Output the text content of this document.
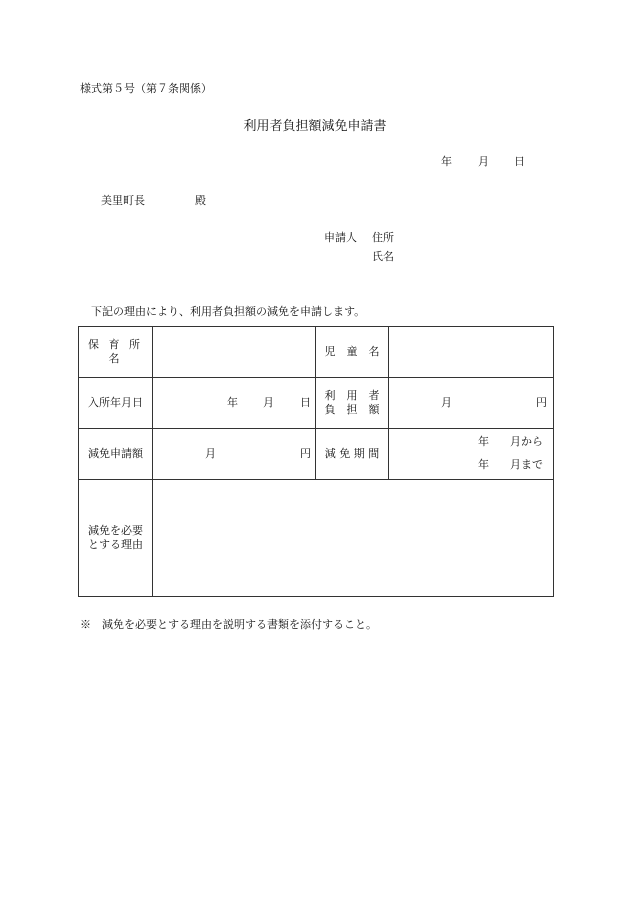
様式第５号（第７条関係）
利用者負担額減免申請書
年 月 日
美里町長	殿
申請人 住所
氏名
下記の理由により、利用者負担額の減免を申請します。
保 育 所 名		児　童　名	
入所年月日	年 月 日	利　用　者
負　担　額	月 円

減免申請額	月 円	減 免 期 間	年 月から
年 月まで

減免を必要
とする理由			

※　減免を必要とする理由を説明する書類を添付すること。
